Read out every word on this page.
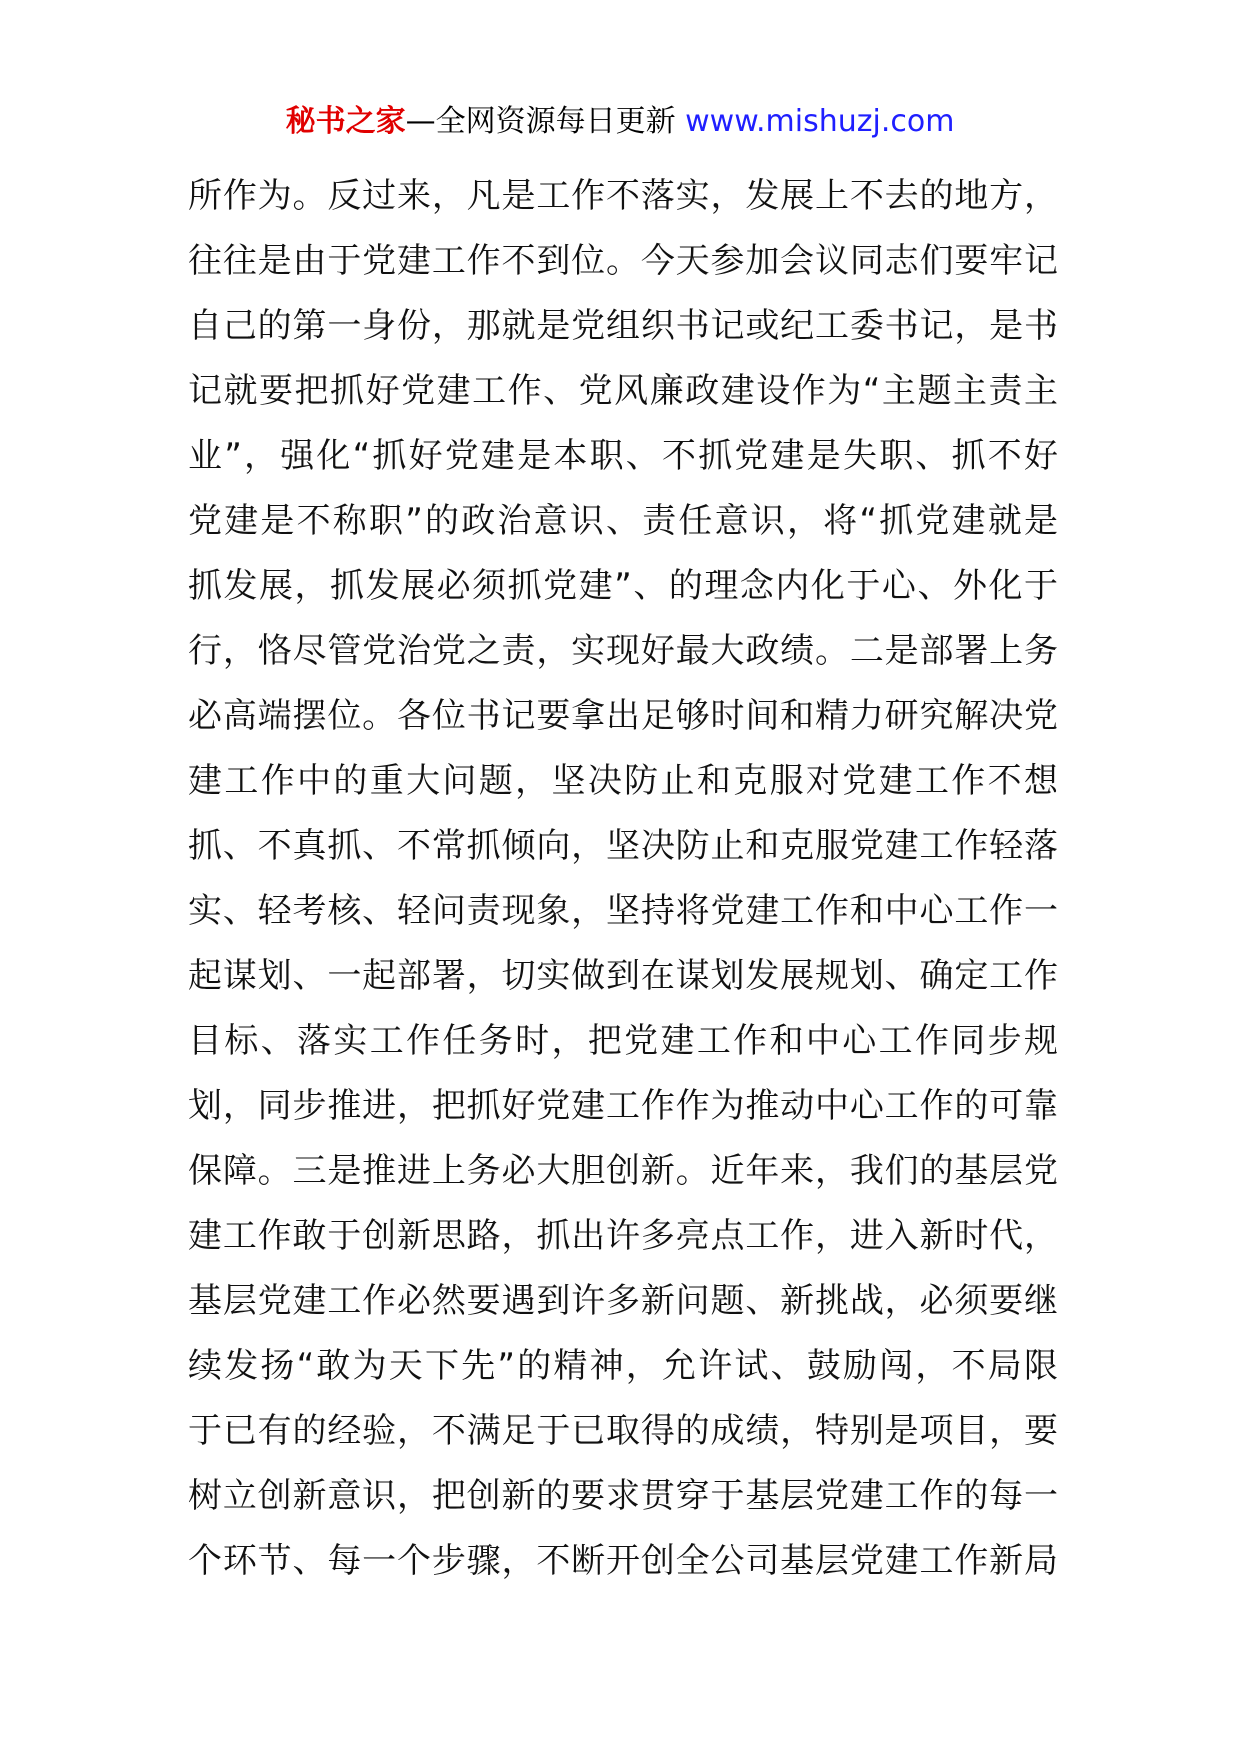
秘书之家—全网资源每日更新 www.mishuzj.com
所作为。反过来，凡是工作不落实，发展上不去的地方，
往往是由于党建工作不到位。今天参加会议同志们要牢记
自己的第一身份，那就是党组织书记或纪工委书记，是书
记就要把抓好党建工作、党风廉政建设作为“主题主责主
业”，强化“抓好党建是本职、不抓党建是失职、抓不好
党建是不称职”的政治意识、责任意识，将“抓党建就是
抓发展，抓发展必须抓党建”、的理念内化于心、外化于
行，恪尽管党治党之责，实现好最大政绩。二是部署上务
必高端摆位。各位书记要拿出足够时间和精力研究解决党
建工作中的重大问题，坚决防止和克服对党建工作不想
抓、不真抓、不常抓倾向，坚决防止和克服党建工作轻落
实、轻考核、轻问责现象，坚持将党建工作和中心工作一
起谋划、一起部署，切实做到在谋划发展规划、确定工作
目标、落实工作任务时，把党建工作和中心工作同步规
划，同步推进，把抓好党建工作作为推动中心工作的可靠
保障。三是推进上务必大胆创新。近年来，我们的基层党
建工作敢于创新思路，抓出许多亮点工作，进入新时代，
基层党建工作必然要遇到许多新问题、新挑战，必须要继
续发扬“敢为天下先”的精神，允许试、鼓励闯，不局限
于已有的经验，不满足于已取得的成绩，特别是项目，要
树立创新意识，把创新的要求贯穿于基层党建工作的每一
个环节、每一个步骤，不断开创全公司基层党建工作新局
